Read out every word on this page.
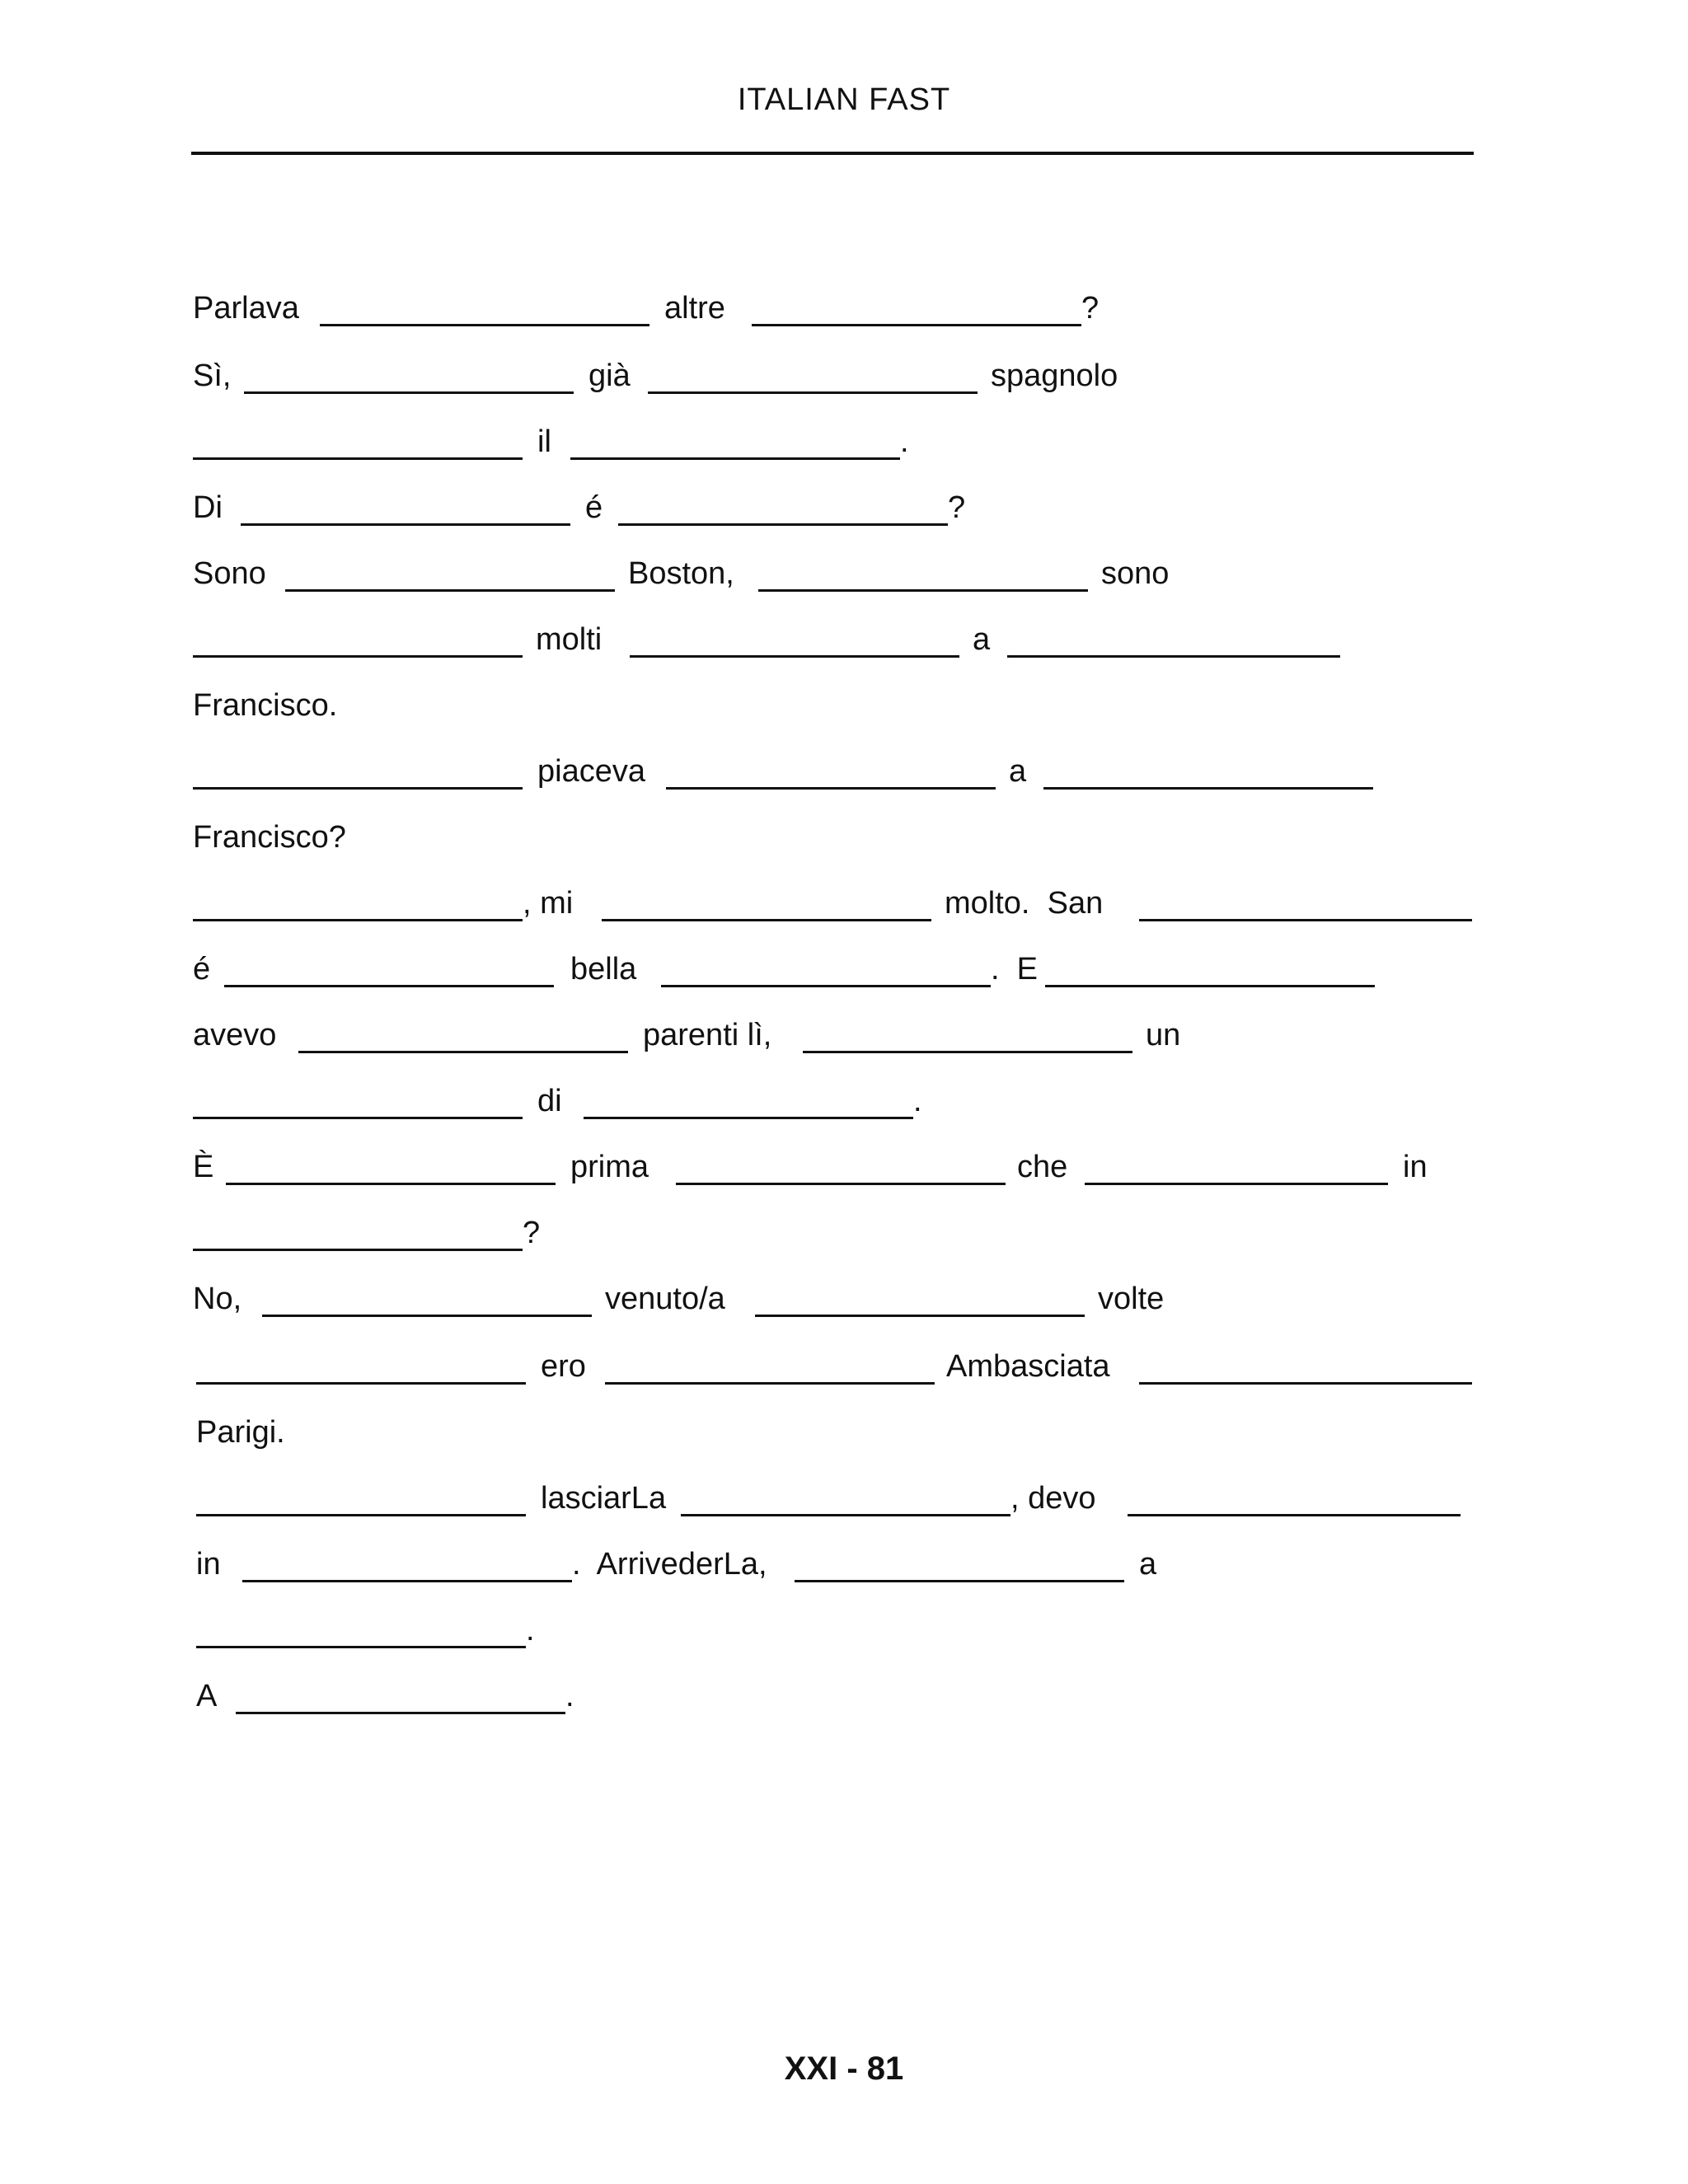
ITALIAN FAST
Parlava	altre	?
Sì,	già	spagnolo
il	.
Di	é	?
Sono	Boston,	sono
molti	a
Francisco.
piaceva	a
Francisco?
, mi	molto.  San
é	bella	.  E
avevo	parenti lì,	un
di	.
È	prima	che	in
?
No,	venuto/a	volte
ero	Ambasciata
Parigi.
lasciarLa	, devo
in	.  ArrivederLa,	a
.
A	.
XXI - 81
